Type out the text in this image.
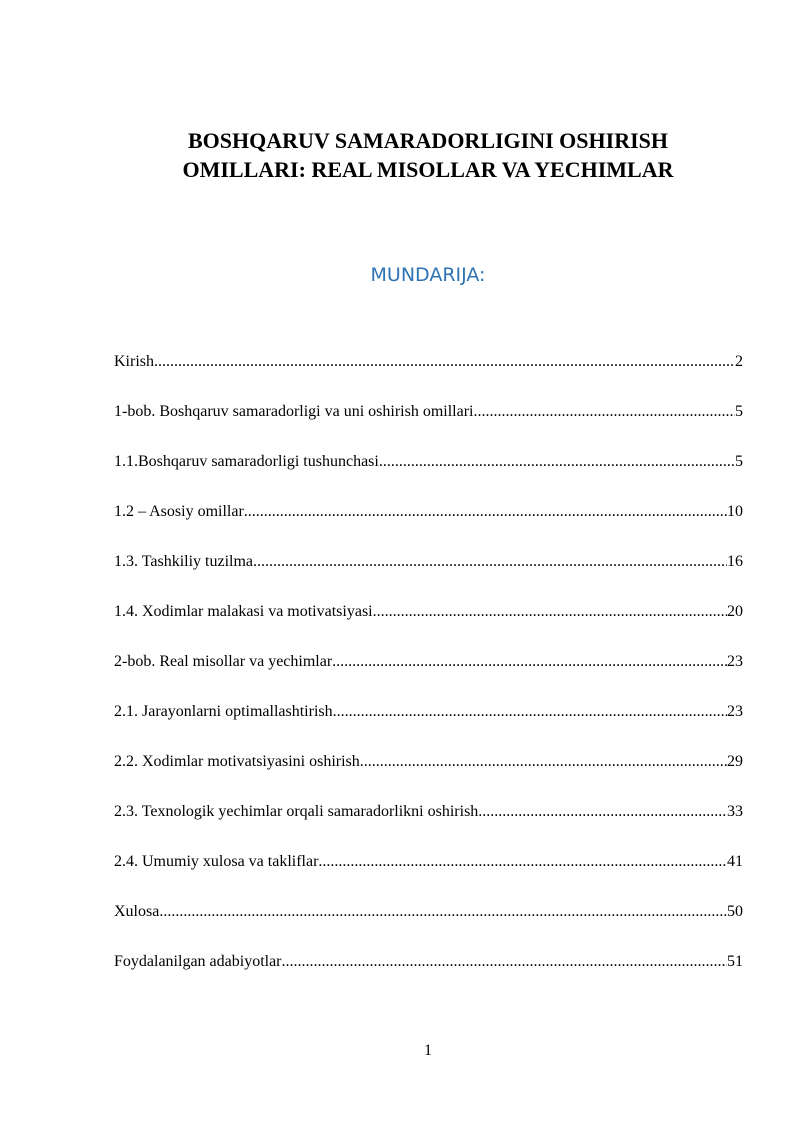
BOSHQARUV SAMARADORLIGINI OSHIRISH
OMILLARI: REAL MISOLLAR VA YECHIMLAR
MUNDARIJA:
Kirish .....	2
1-bob. Boshqaruv samaradorligi va uni oshirish omillari .....	5
1.1.Boshqaruv samaradorligi tushunchasi .....	5
1.2 – Asosiy omillar .....	10
1.3. Tashkiliy tuzilma .....	16
1.4. Xodimlar malakasi va motivatsiyasi .....	20
2-bob. Real misollar va yechimlar .....	23
2.1. Jarayonlarni optimallashtirish .....	23
2.2. Xodimlar motivatsiyasini oshirish .....	29
2.3. Texnologik yechimlar orqali samaradorlikni oshirish .....	33
2.4. Umumiy xulosa va takliflar .....	41
Xulosa .....	50
Foydalanilgan adabiyotlar .....	51
1
